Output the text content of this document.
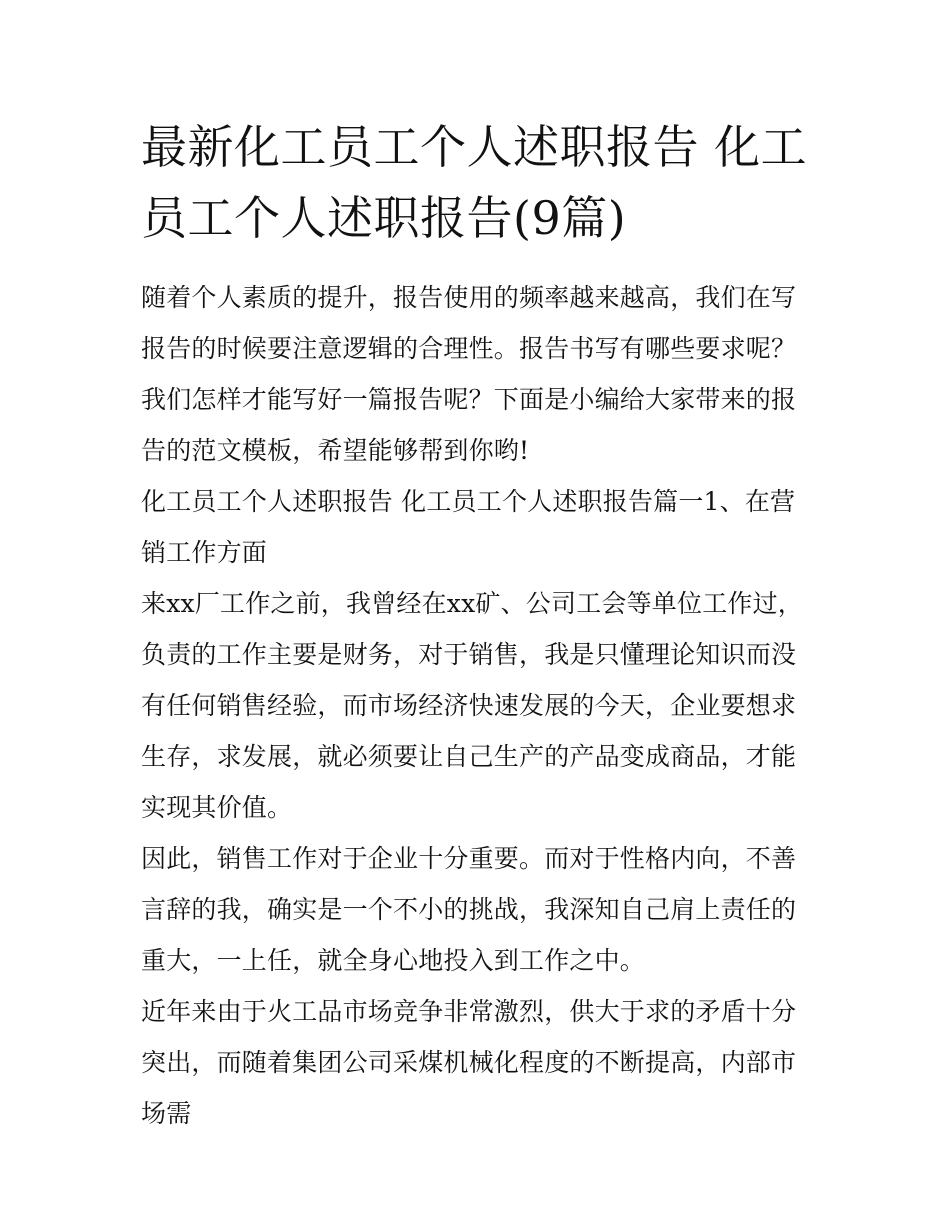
最新化工员工个人述职报告 化工员工个人述职报告(9篇)

随着个人素质的提升，报告使用的频率越来越高，我们在写报告的时候要注意逻辑的合理性。报告书写有哪些要求呢？我们怎样才能写好一篇报告呢？下面是小编给大家带来的报告的范文模板，希望能够帮到你哟!

化工员工个人述职报告 化工员工个人述职报告篇一1、在营销工作方面

来xx厂工作之前，我曾经在xx矿、公司工会等单位工作过，负责的工作主要是财务，对于销售，我是只懂理论知识而没有任何销售经验，而市场经济快速发展的今天，企业要想求生存，求发展，就必须要让自己生产的产品变成商品，才能实现其价值。

因此，销售工作对于企业十分重要。而对于性格内向，不善言辞的我，确实是一个不小的挑战，我深知自己肩上责任的重大，一上任，就全身心地投入到工作之中。

近年来由于火工品市场竞争非常激烈，供大于求的矛盾十分突出，而随着集团公司采煤机械化程度的不断提高，内部市场需
